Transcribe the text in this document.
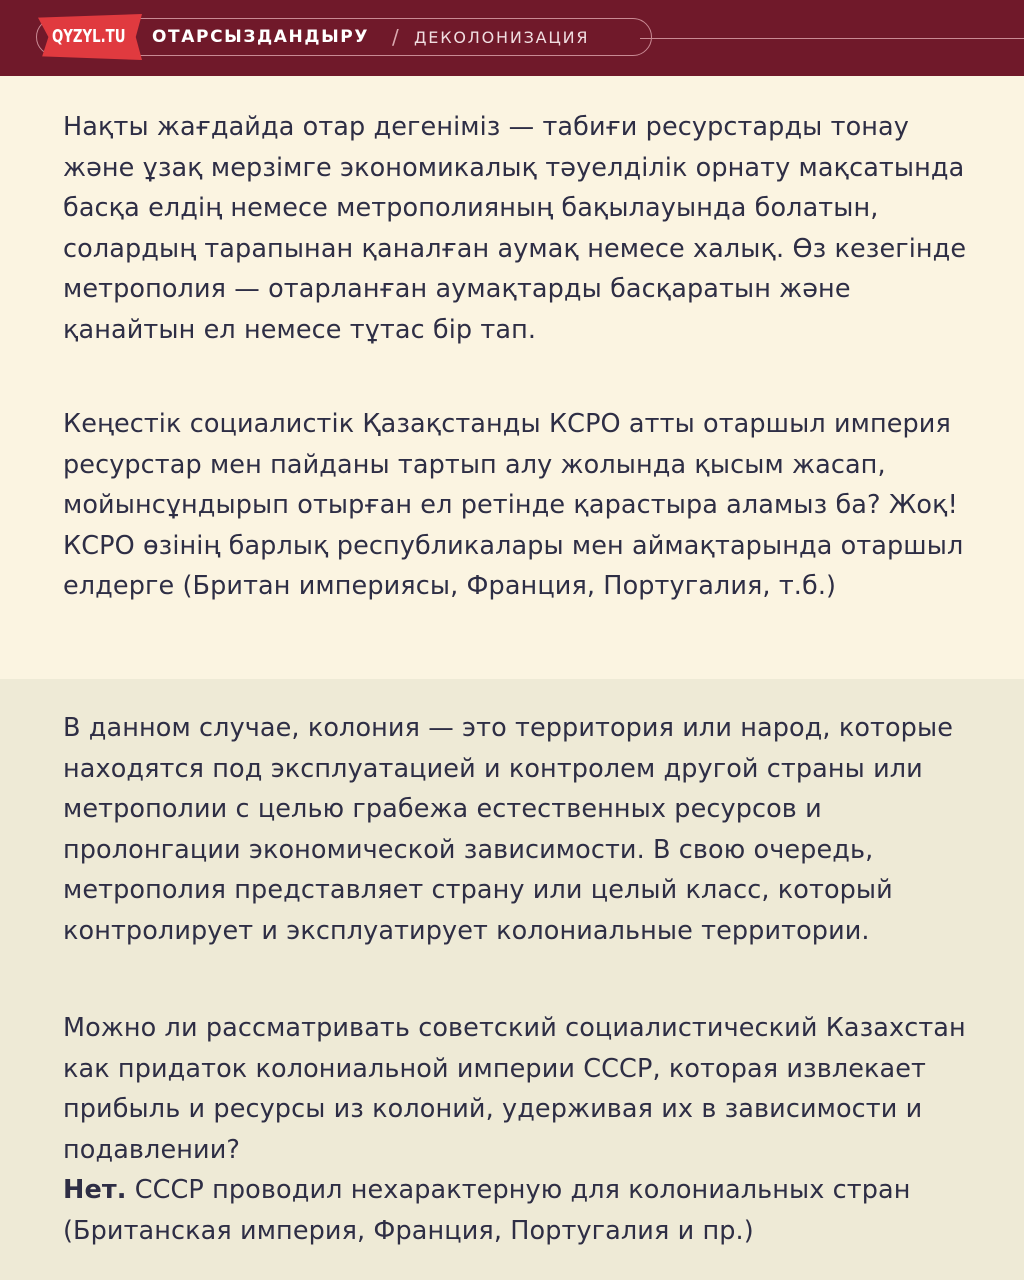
QYZYL.TU ОТАРСЫЗДАНДЫРУ / ДЕКОЛОНИЗАЦИЯ

Нақты жағдайда отар дегеніміз — табиғи ресурстарды тонау және ұзақ мерзімге экономикалық тәуелділік орнату мақсатында басқа елдің немесе метрополияның бақылауында болатын, солардың тарапынан қаналған аумақ немесе халық. Өз кезегінде метрополия — отарланған аумақтарды басқаратын және қанайтын ел немесе тұтас бір тап.

Кеңестік социалистік Қазақстанды КСРО атты отаршыл империя ресурстар мен пайданы тартып алу жолында қысым жасап, мойынсұндырып отырған ел ретінде қарастыра аламыз ба? Жоқ! КСРО өзінің барлық республикалары мен аймақтарында отаршыл елдерге (Британ империясы, Франция, Португалия, т.б.)

В данном случае, колония — это территория или народ, которые находятся под эксплуатацией и контролем другой страны или метрополии с целью грабежа естественных ресурсов и пролонгации экономической зависимости. В свою очередь, метрополия представляет страну или целый класс, который контролирует и эксплуатирует колониальные территории.

Можно ли рассматривать советский социалистический Казахстан как придаток колониальной империи СССР, которая извлекает прибыль и ресурсы из колоний, удерживая их в зависимости и подавлении?
Нет. СССР проводил нехарактерную для колониальных стран (Британская империя, Франция, Португалия и пр.)
